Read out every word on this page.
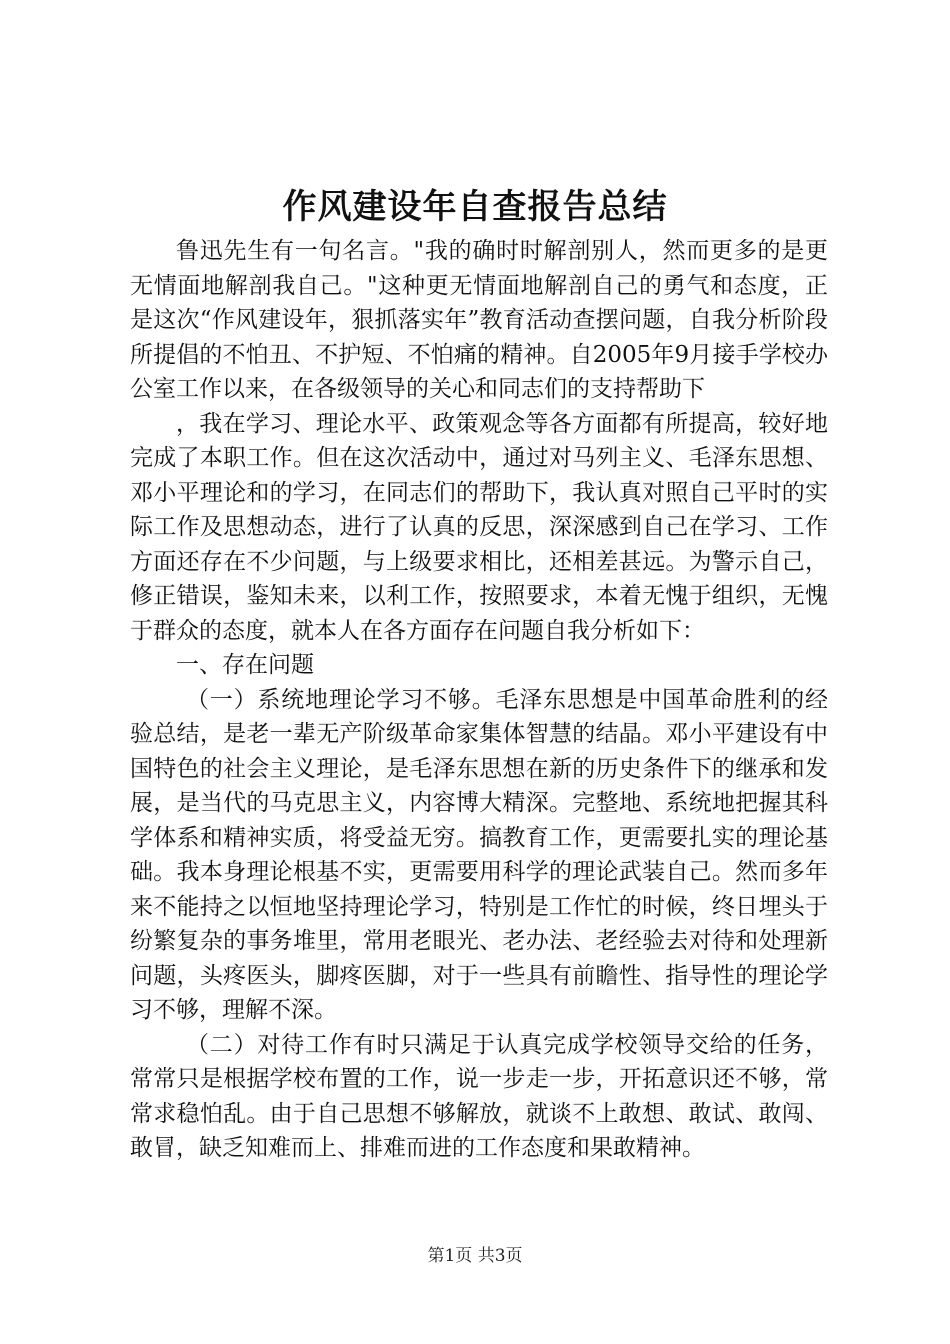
作风建设年自查报告总结

鲁迅先生有一句名言。"我的确时时解剖别人，然而更多的是更无情面地解剖我自己。"这种更无情面地解剖自己的勇气和态度，正是这次“作风建设年，狠抓落实年”教育活动查摆问题，自我分析阶段所提倡的不怕丑、不护短、不怕痛的精神。自2005年9月接手学校办公室工作以来，在各级领导的关心和同志们的支持帮助下

，我在学习、理论水平、政策观念等各方面都有所提高，较好地完成了本职工作。但在这次活动中，通过对马列主义、毛泽东思想、邓小平理论和的学习，在同志们的帮助下，我认真对照自己平时的实际工作及思想动态，进行了认真的反思，深深感到自己在学习、工作方面还存在不少问题，与上级要求相比，还相差甚远。为警示自己，修正错误，鉴知未来，以利工作，按照要求，本着无愧于组织，无愧于群众的态度，就本人在各方面存在问题自我分析如下：

一、存在问题

（一）系统地理论学习不够。毛泽东思想是中国革命胜利的经验总结，是老一辈无产阶级革命家集体智慧的结晶。邓小平建设有中国特色的社会主义理论，是毛泽东思想在新的历史条件下的继承和发展，是当代的马克思主义，内容博大精深。完整地、系统地把握其科学体系和精神实质，将受益无穷。搞教育工作，更需要扎实的理论基础。我本身理论根基不实，更需要用科学的理论武装自己。然而多年来不能持之以恒地坚持理论学习，特别是工作忙的时候，终日埋头于纷繁复杂的事务堆里，常用老眼光、老办法、老经验去对待和处理新问题，头疼医头，脚疼医脚，对于一些具有前瞻性、指导性的理论学习不够，理解不深。

（二）对待工作有时只满足于认真完成学校领导交给的任务，常常只是根据学校布置的工作，说一步走一步，开拓意识还不够，常常求稳怕乱。由于自己思想不够解放，就谈不上敢想、敢试、敢闯、敢冒，缺乏知难而上、排难而进的工作态度和果敢精神。

第1页 共3页
